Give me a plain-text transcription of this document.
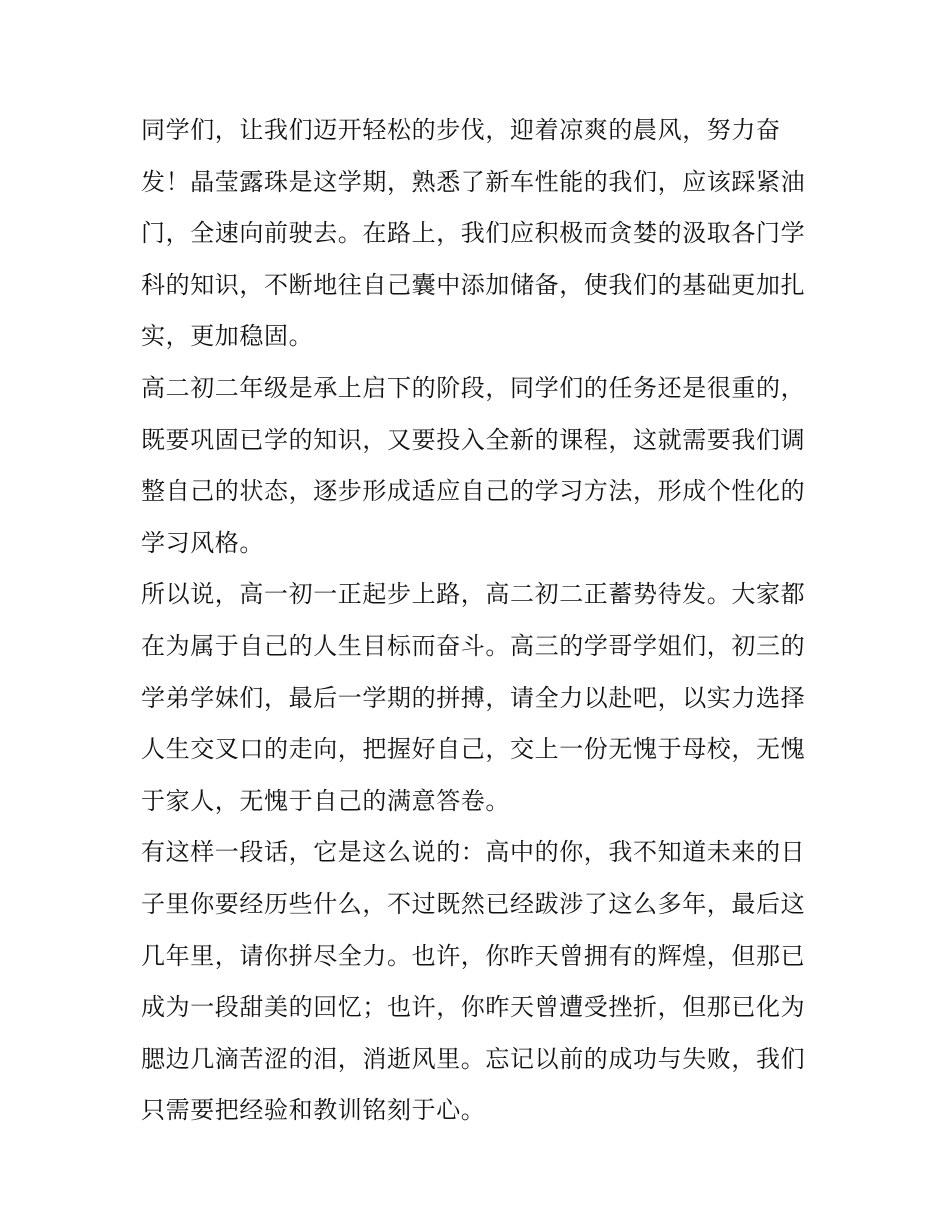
同学们，让我们迈开轻松的步伐，迎着凉爽的晨风，努力奋
发！晶莹露珠是这学期，熟悉了新车性能的我们，应该踩紧油
门，全速向前驶去。在路上，我们应积极而贪婪的汲取各门学
科的知识，不断地往自己囊中添加储备，使我们的基础更加扎
实，更加稳固。
高二初二年级是承上启下的阶段，同学们的任务还是很重的，
既要巩固已学的知识，又要投入全新的课程，这就需要我们调
整自己的状态，逐步形成适应自己的学习方法，形成个性化的
学习风格。
所以说，高一初一正起步上路，高二初二正蓄势待发。大家都
在为属于自己的人生目标而奋斗。高三的学哥学姐们，初三的
学弟学妹们，最后一学期的拼搏，请全力以赴吧，以实力选择
人生交叉口的走向，把握好自己，交上一份无愧于母校，无愧
于家人，无愧于自己的满意答卷。
有这样一段话，它是这么说的：高中的你，我不知道未来的日
子里你要经历些什么，不过既然已经跋涉了这么多年，最后这
几年里，请你拼尽全力。也许，你昨天曾拥有的辉煌，但那已
成为一段甜美的回忆；也许，你昨天曾遭受挫折，但那已化为
腮边几滴苦涩的泪，消逝风里。忘记以前的成功与失败，我们
只需要把经验和教训铭刻于心。
